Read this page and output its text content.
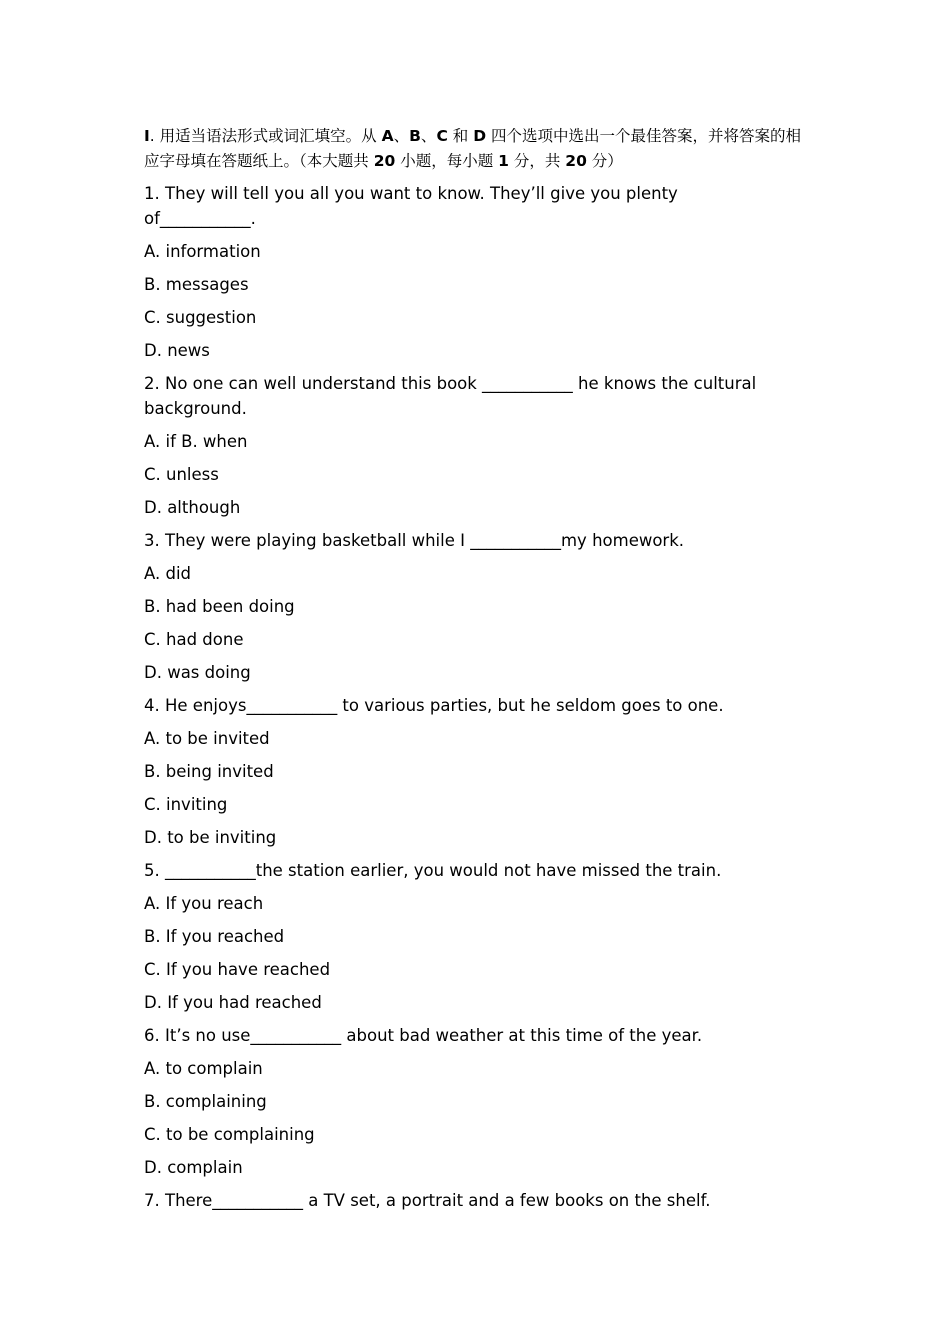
I. 用适当语法形式或词汇填空。从 A、B、C 和 D 四个选项中选出一个最佳答案，并将答案的相应字母填在答题纸上。（本大题共 20 小题，每小题 1 分，共 20 分）
1. They will tell you all you want to know. They’ll give you plenty
of___________.
A. information
B. messages
C. suggestion
D. news
2. No one can well understand this book ___________ he knows the cultural
background.
A. if B. when
C. unless
D. although
3. They were playing basketball while I ___________my homework.
A. did
B. had been doing
C. had done
D. was doing
4. He enjoys___________ to various parties, but he seldom goes to one.
A. to be invited
B. being invited
C. inviting
D. to be inviting
5. ___________the station earlier, you would not have missed the train.
A. If you reach
B. If you reached
C. If you have reached
D. If you had reached
6. It’s no use___________ about bad weather at this time of the year.
A. to complain
B. complaining
C. to be complaining
D. complain
7. There___________ a TV set, a portrait and a few books on the shelf.
